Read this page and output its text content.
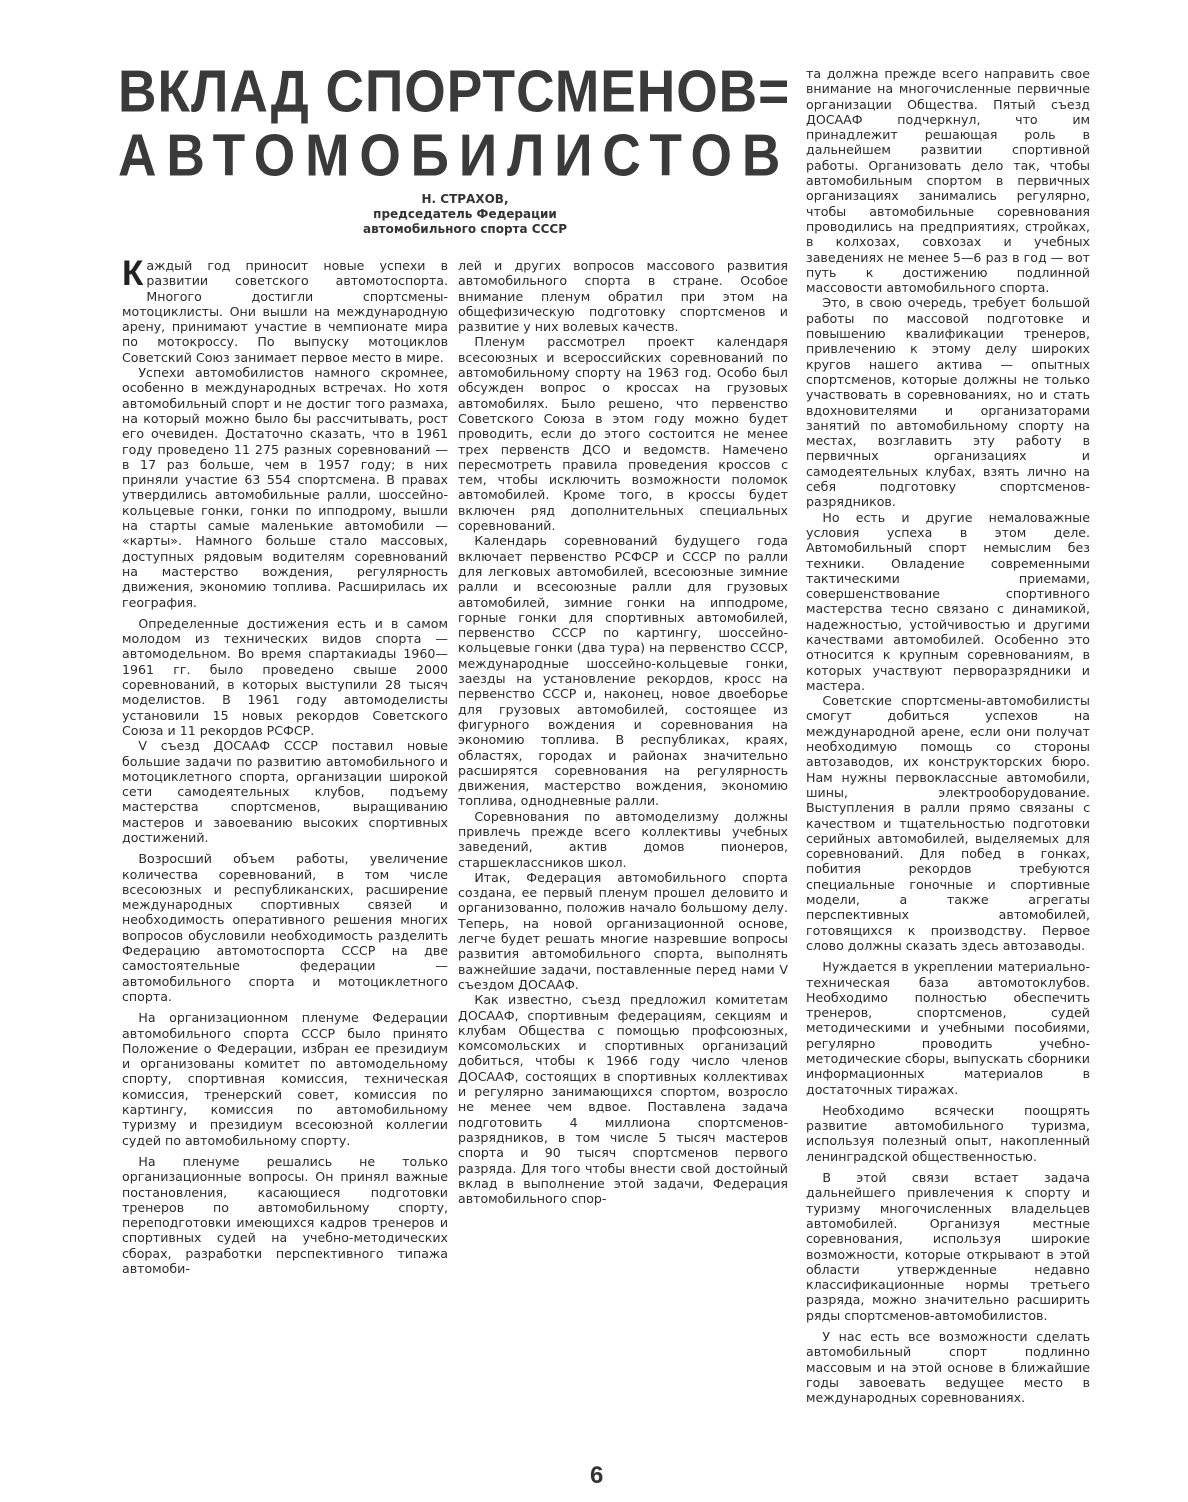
ВКЛАД СПОРТСМЕНОВ=
АВТОМОБИЛИСТОВ
Н. СТРАХОВ,
председатель Федерации
автомобильного спорта СССР

Каждый год приносит новые успехи в развитии советского автомотоспорта. Многого достигли спортсмены-мотоциклисты. Они вышли на международную арену, принимают участие в чемпионате мира по мотокроссу. По выпуску мотоциклов Советский Союз занимает первое место в мире.

Успехи автомобилистов намного скромнее, особенно в международных встречах. Но хотя автомобильный спорт и не достиг того размаха, на который можно было бы рассчитывать, рост его очевиден. Достаточно сказать, что в 1961 году проведено 11 275 разных соревнований — в 17 раз больше, чем в 1957 году; в них приняли участие 63 554 спортсмена. В правах утвердились автомобильные ралли, шоссейно-кольцевые гонки, гонки по ипподрому, вышли на старты самые маленькие автомобили — «карты». Намного больше стало массовых, доступных рядовым водителям соревнований на мастерство вождения, регулярность движения, экономию топлива. Расширилась их география.

Определенные достижения есть и в самом молодом из технических видов спорта — автомодельном. Во время спартакиады 1960—1961 гг. было проведено свыше 2000 соревнований, в которых выступили 28 тысяч моделистов. В 1961 году автомоделисты установили 15 новых рекордов Советского Союза и 11 рекордов РСФСР.

V съезд ДОСААФ СССР поставил новые большие задачи по развитию автомобильного и мотоциклетного спорта, организации широкой сети самодеятельных клубов, подъему мастерства спортсменов, выращиванию мастеров и завоеванию высоких спортивных достижений.

Возросший объем работы, увеличение количества соревнований, в том числе всесоюзных и республиканских, расширение международных спортивных связей и необходимость оперативного решения многих вопросов обусловили необходимость разделить Федерацию автомотоспорта СССР на две самостоятельные федерации — автомобильного спорта и мотоциклетного спорта.

На организационном пленуме Федерации автомобильного спорта СССР было принято Положение о Федерации, избран ее президиум и организованы комитет по автомодельному спорту, спортивная комиссия, техническая комиссия, тренерский совет, комиссия по картингу, комиссия по автомобильному туризму и президиум всесоюзной коллегии судей по автомобильному спорту.

На пленуме решались не только организационные вопросы. Он принял важные постановления, касающиеся подготовки тренеров по автомобильному спорту, переподготовки имеющихся кадров тренеров и спортивных судей на учебно-методических сборах, разработки перспективного типажа автомоби-

лей и других вопросов массового развития автомобильного спорта в стране. Особое внимание пленум обратил при этом на общефизическую подготовку спортсменов и развитие у них волевых качеств.

Пленум рассмотрел проект календаря всесоюзных и всероссийских соревнований по автомобильному спорту на 1963 год. Особо был обсужден вопрос о кроссах на грузовых автомобилях. Было решено, что первенство Советского Союза в этом году можно будет проводить, если до этого состоится не менее трех первенств ДСО и ведомств. Намечено пересмотреть правила проведения кроссов с тем, чтобы исключить возможности поломок автомобилей. Кроме того, в кроссы будет включен ряд дополнительных специальных соревнований.

Календарь соревнований будущего года включает первенство РСФСР и СССР по ралли для легковых автомобилей, всесоюзные зимние ралли и всесоюзные ралли для грузовых автомобилей, зимние гонки на ипподроме, горные гонки для спортивных автомобилей, первенство СССР по картингу, шоссейно-кольцевые гонки (два тура) на первенство СССР, международные шоссейно-кольцевые гонки, заезды на установление рекордов, кросс на первенство СССР и, наконец, новое двоеборье для грузовых автомобилей, состоящее из фигурного вождения и соревнования на экономию топлива. В республиках, краях, областях, городах и районах значительно расширятся соревнования на регулярность движения, мастерство вождения, экономию топлива, однодневные ралли.

Соревнования по автомоделизму должны привлечь прежде всего коллективы учебных заведений, актив домов пионеров, старшеклассников школ.

Итак, Федерация автомобильного спорта создана, ее первый пленум прошел деловито и организованно, положив начало большому делу. Теперь, на новой организационной основе, легче будет решать многие назревшие вопросы развития автомобильного спорта, выполнять важнейшие задачи, поставленные перед нами V съездом ДОСААФ.

Как известно, съезд предложил комитетам ДОСААФ, спортивным федерациям, секциям и клубам Общества с помощью профсоюзных, комсомольских и спортивных организаций добиться, чтобы к 1966 году число членов ДОСААФ, состоящих в спортивных коллективах и регулярно занимающихся спортом, возросло не менее чем вдвое. Поставлена задача подготовить 4 миллиона спортсменов-разрядников, в том числе 5 тысяч мастеров спорта и 90 тысяч спортсменов первого разряда. Для того чтобы внести свой достойный вклад в выполнение этой задачи, Федерация автомобильного спор-

та должна прежде всего направить свое внимание на многочисленные первичные организации Общества. Пятый съезд ДОСААФ подчеркнул, что им принадлежит решающая роль в дальнейшем развитии спортивной работы. Организовать дело так, чтобы автомобильным спортом в первичных организациях занимались регулярно, чтобы автомобильные соревнования проводились на предприятиях, стройках, в колхозах, совхозах и учебных заведениях не менее 5—6 раз в год — вот путь к достижению подлинной массовости автомобильного спорта.

Это, в свою очередь, требует большой работы по массовой подготовке и повышению квалификации тренеров, привлечению к этому делу широких кругов нашего актива — опытных спортсменов, которые должны не только участвовать в соревнованиях, но и стать вдохновителями и организаторами занятий по автомобильному спорту на местах, возглавить эту работу в первичных организациях и самодеятельных клубах, взять лично на себя подготовку спортсменов-разрядников.

Но есть и другие немаловажные условия успеха в этом деле. Автомобильный спорт немыслим без техники. Овладение современными тактическими приемами, совершенствование спортивного мастерства тесно связано с динамикой, надежностью, устойчивостью и другими качествами автомобилей. Особенно это относится к крупным соревнованиям, в которых участвуют перворазрядники и мастера.

Советские спортсмены-автомобилисты смогут добиться успехов на международной арене, если они получат необходимую помощь со стороны автозаводов, их конструкторских бюро. Нам нужны первоклассные автомобили, шины, электрооборудование. Выступления в ралли прямо связаны с качеством и тщательностью подготовки серийных автомобилей, выделяемых для соревнований. Для побед в гонках, побития рекордов требуются специальные гоночные и спортивные модели, а также агрегаты перспективных автомобилей, готовящихся к производству. Первое слово должны сказать здесь автозаводы.

Нуждается в укреплении материально-техническая база автомотоклубов. Необходимо полностью обеспечить тренеров, спортсменов, судей методическими и учебными пособиями, регулярно проводить учебно-методические сборы, выпускать сборники информационных материалов в достаточных тиражах.

Необходимо всячески поощрять развитие автомобильного туризма, используя полезный опыт, накопленный ленинградской общественностью.

В этой связи встает задача дальнейшего привлечения к спорту и туризму многочисленных владельцев автомобилей. Организуя местные соревнования, используя широкие возможности, которые открывают в этой области утвержденные недавно классификационные нормы третьего разряда, можно значительно расширить ряды спортсменов-автомобилистов.

У нас есть все возможности сделать автомобильный спорт подлинно массовым и на этой основе в ближайшие годы завоевать ведущее место в международных соревнованиях.

6
